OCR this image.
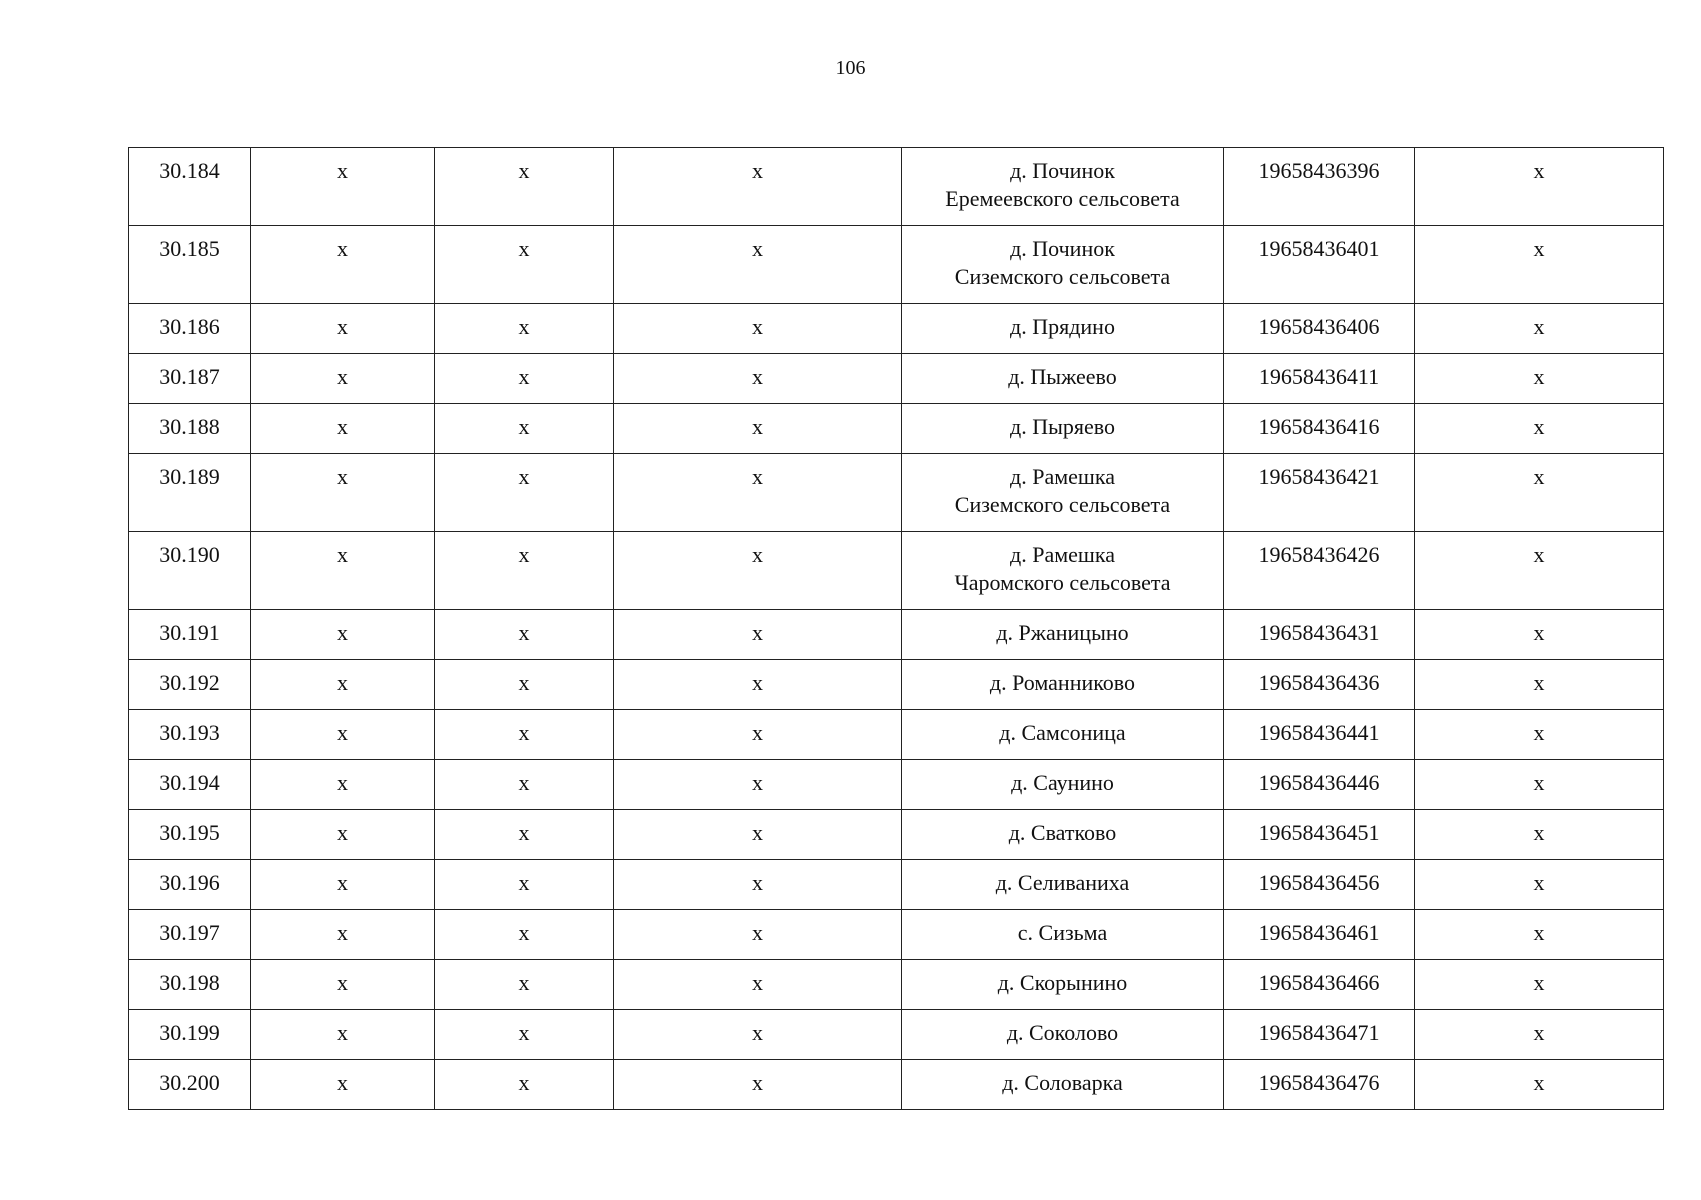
106
30.184	x	x	x	д. Починок
Еремеевского сельсовета	19658436396	x
30.185	x	x	x	д. Починок
Сиземского сельсовета	19658436401	x
30.186	x	x	x	д. Прядино	19658436406	x
30.187	x	x	x	д. Пыжеево	19658436411	x
30.188	x	x	x	д. Пыряево	19658436416	x
30.189	x	x	x	д. Рамешка
Сиземского сельсовета	19658436421	x
30.190	x	x	x	д. Рамешка
Чаромского сельсовета	19658436426	x
30.191	x	x	x	д. Ржаницыно	19658436431	x
30.192	x	x	x	д. Романниково	19658436436	x
30.193	x	x	x	д. Самсоница	19658436441	x
30.194	x	x	x	д. Саунино	19658436446	x
30.195	x	x	x	д. Сватково	19658436451	x
30.196	x	x	x	д. Селиваниха	19658436456	x
30.197	x	x	x	с. Сизьма	19658436461	x
30.198	x	x	x	д. Скорынино	19658436466	x
30.199	x	x	x	д. Соколово	19658436471	x
30.200	x	x	x	д. Соловарка	19658436476	x
